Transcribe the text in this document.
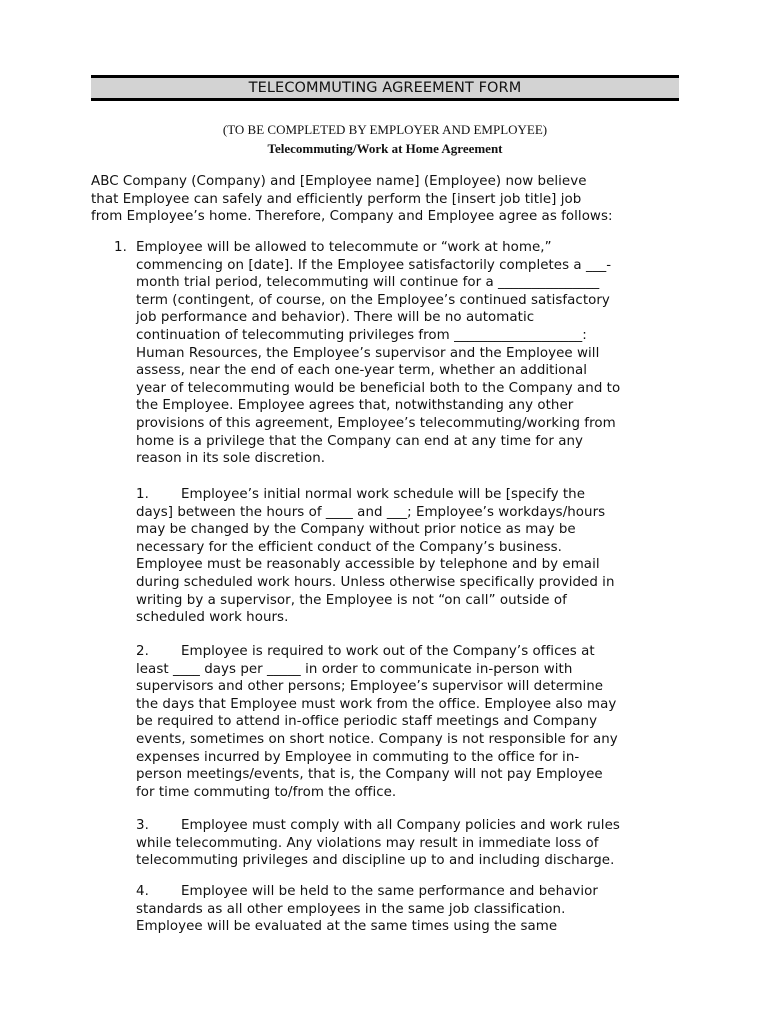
TELECOMMUTING AGREEMENT FORM
(TO BE COMPLETED BY EMPLOYER AND EMPLOYEE)
Telecommuting/Work at Home Agreement
ABC Company (Company) and [Employee name] (Employee) now believe
that Employee can safely and efficiently perform the [insert job title] job
from Employee’s home. Therefore, Company and Employee agree as follows:
1. Employee will be allowed to telecommute or “work at home,”
commencing on [date]. If the Employee satisfactorily completes a ___-
month trial period, telecommuting will continue for a _______________
term (contingent, of course, on the Employee’s continued satisfactory
job performance and behavior). There will be no automatic
continuation of telecommuting privileges from ___________________:
Human Resources, the Employee’s supervisor and the Employee will
assess, near the end of each one-year term, whether an additional
year of telecommuting would be beneficial both to the Company and to
the Employee. Employee agrees that, notwithstanding any other
provisions of this agreement, Employee’s telecommuting/working from
home is a privilege that the Company can end at any time for any
reason in its sole discretion.
1. Employee’s initial normal work schedule will be [specify the
days] between the hours of ____ and ___; Employee’s workdays/hours
may be changed by the Company without prior notice as may be
necessary for the efficient conduct of the Company’s business.
Employee must be reasonably accessible by telephone and by email
during scheduled work hours. Unless otherwise specifically provided in
writing by a supervisor, the Employee is not “on call” outside of
scheduled work hours.
2. Employee is required to work out of the Company’s offices at
least ____ days per _____ in order to communicate in-person with
supervisors and other persons; Employee’s supervisor will determine
the days that Employee must work from the office. Employee also may
be required to attend in-office periodic staff meetings and Company
events, sometimes on short notice. Company is not responsible for any
expenses incurred by Employee in commuting to the office for in-
person meetings/events, that is, the Company will not pay Employee
for time commuting to/from the office.
3. Employee must comply with all Company policies and work rules
while telecommuting. Any violations may result in immediate loss of
telecommuting privileges and discipline up to and including discharge.
4. Employee will be held to the same performance and behavior
standards as all other employees in the same job classification.
Employee will be evaluated at the same times using the same
